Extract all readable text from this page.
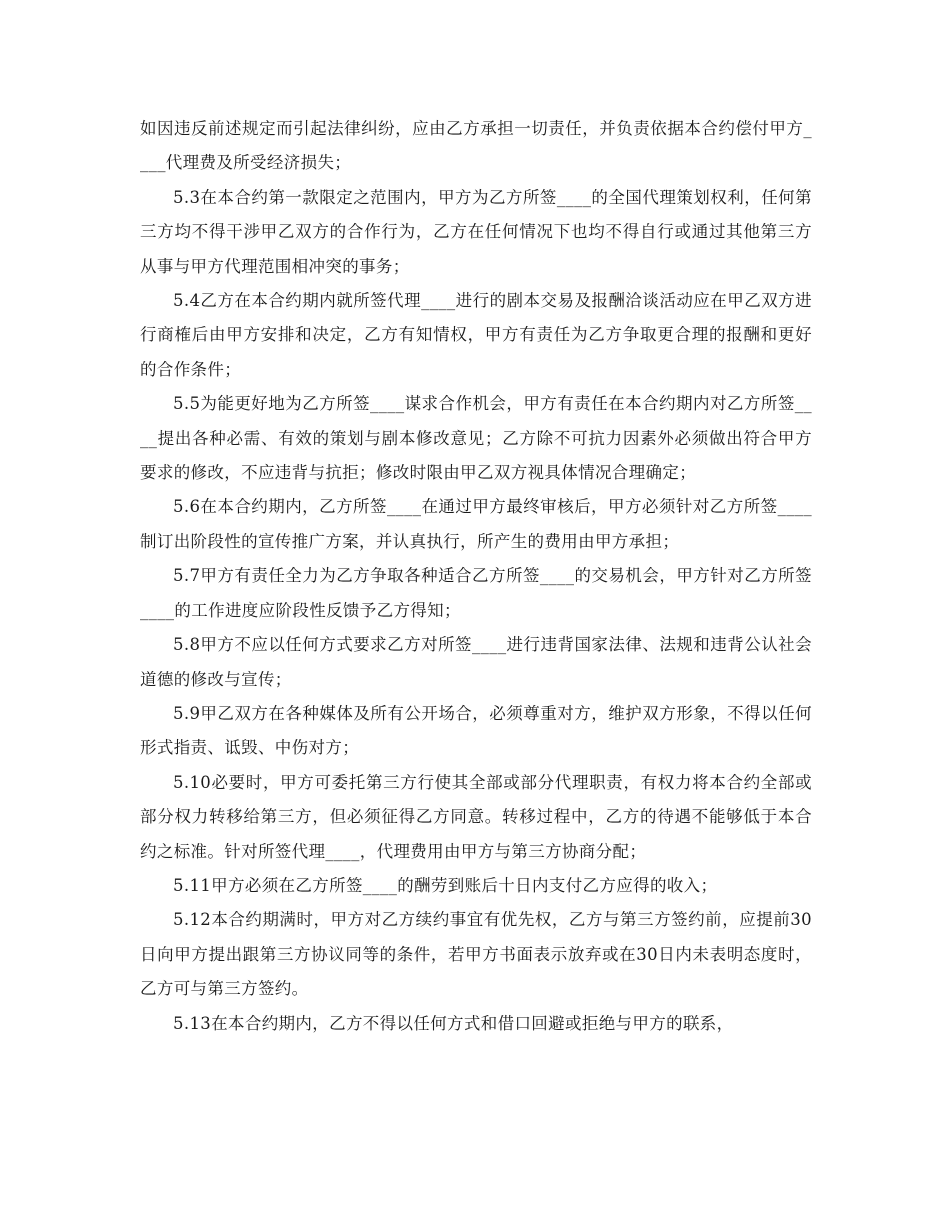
如因违反前述规定而引起法律纠纷，应由乙方承担一切责任，并负责依据本合约偿付甲方____代理费及所受经济损失；

5.3在本合约第一款限定之范围内，甲方为乙方所签____的全国代理策划权利，任何第三方均不得干涉甲乙双方的合作行为，乙方在任何情况下也均不得自行或通过其他第三方从事与甲方代理范围相冲突的事务；

5.4乙方在本合约期内就所签代理____进行的剧本交易及报酬洽谈活动应在甲乙双方进行商榷后由甲方安排和决定，乙方有知情权，甲方有责任为乙方争取更合理的报酬和更好的合作条件；

5.5为能更好地为乙方所签____谋求合作机会，甲方有责任在本合约期内对乙方所签____提出各种必需、有效的策划与剧本修改意见；乙方除不可抗力因素外必须做出符合甲方要求的修改，不应违背与抗拒；修改时限由甲乙双方视具体情况合理确定；

5.6在本合约期内，乙方所签____在通过甲方最终审核后，甲方必须针对乙方所签____制订出阶段性的宣传推广方案，并认真执行，所产生的费用由甲方承担；

5.7甲方有责任全力为乙方争取各种适合乙方所签____的交易机会，甲方针对乙方所签____的工作进度应阶段性反馈予乙方得知；

5.8甲方不应以任何方式要求乙方对所签____进行违背国家法律、法规和违背公认社会道德的修改与宣传；

5.9甲乙双方在各种媒体及所有公开场合，必须尊重对方，维护双方形象，不得以任何形式指责、诋毁、中伤对方；

5.10必要时，甲方可委托第三方行使其全部或部分代理职责，有权力将本合约全部或部分权力转移给第三方，但必须征得乙方同意。转移过程中，乙方的待遇不能够低于本合约之标准。针对所签代理____，代理费用由甲方与第三方协商分配；

5.11甲方必须在乙方所签____的酬劳到账后十日内支付乙方应得的收入；

5.12本合约期满时，甲方对乙方续约事宜有优先权，乙方与第三方签约前，应提前30日向甲方提出跟第三方协议同等的条件，若甲方书面表示放弃或在30日内未表明态度时，乙方可与第三方签约。

5.13在本合约期内，乙方不得以任何方式和借口回避或拒绝与甲方的联系，
